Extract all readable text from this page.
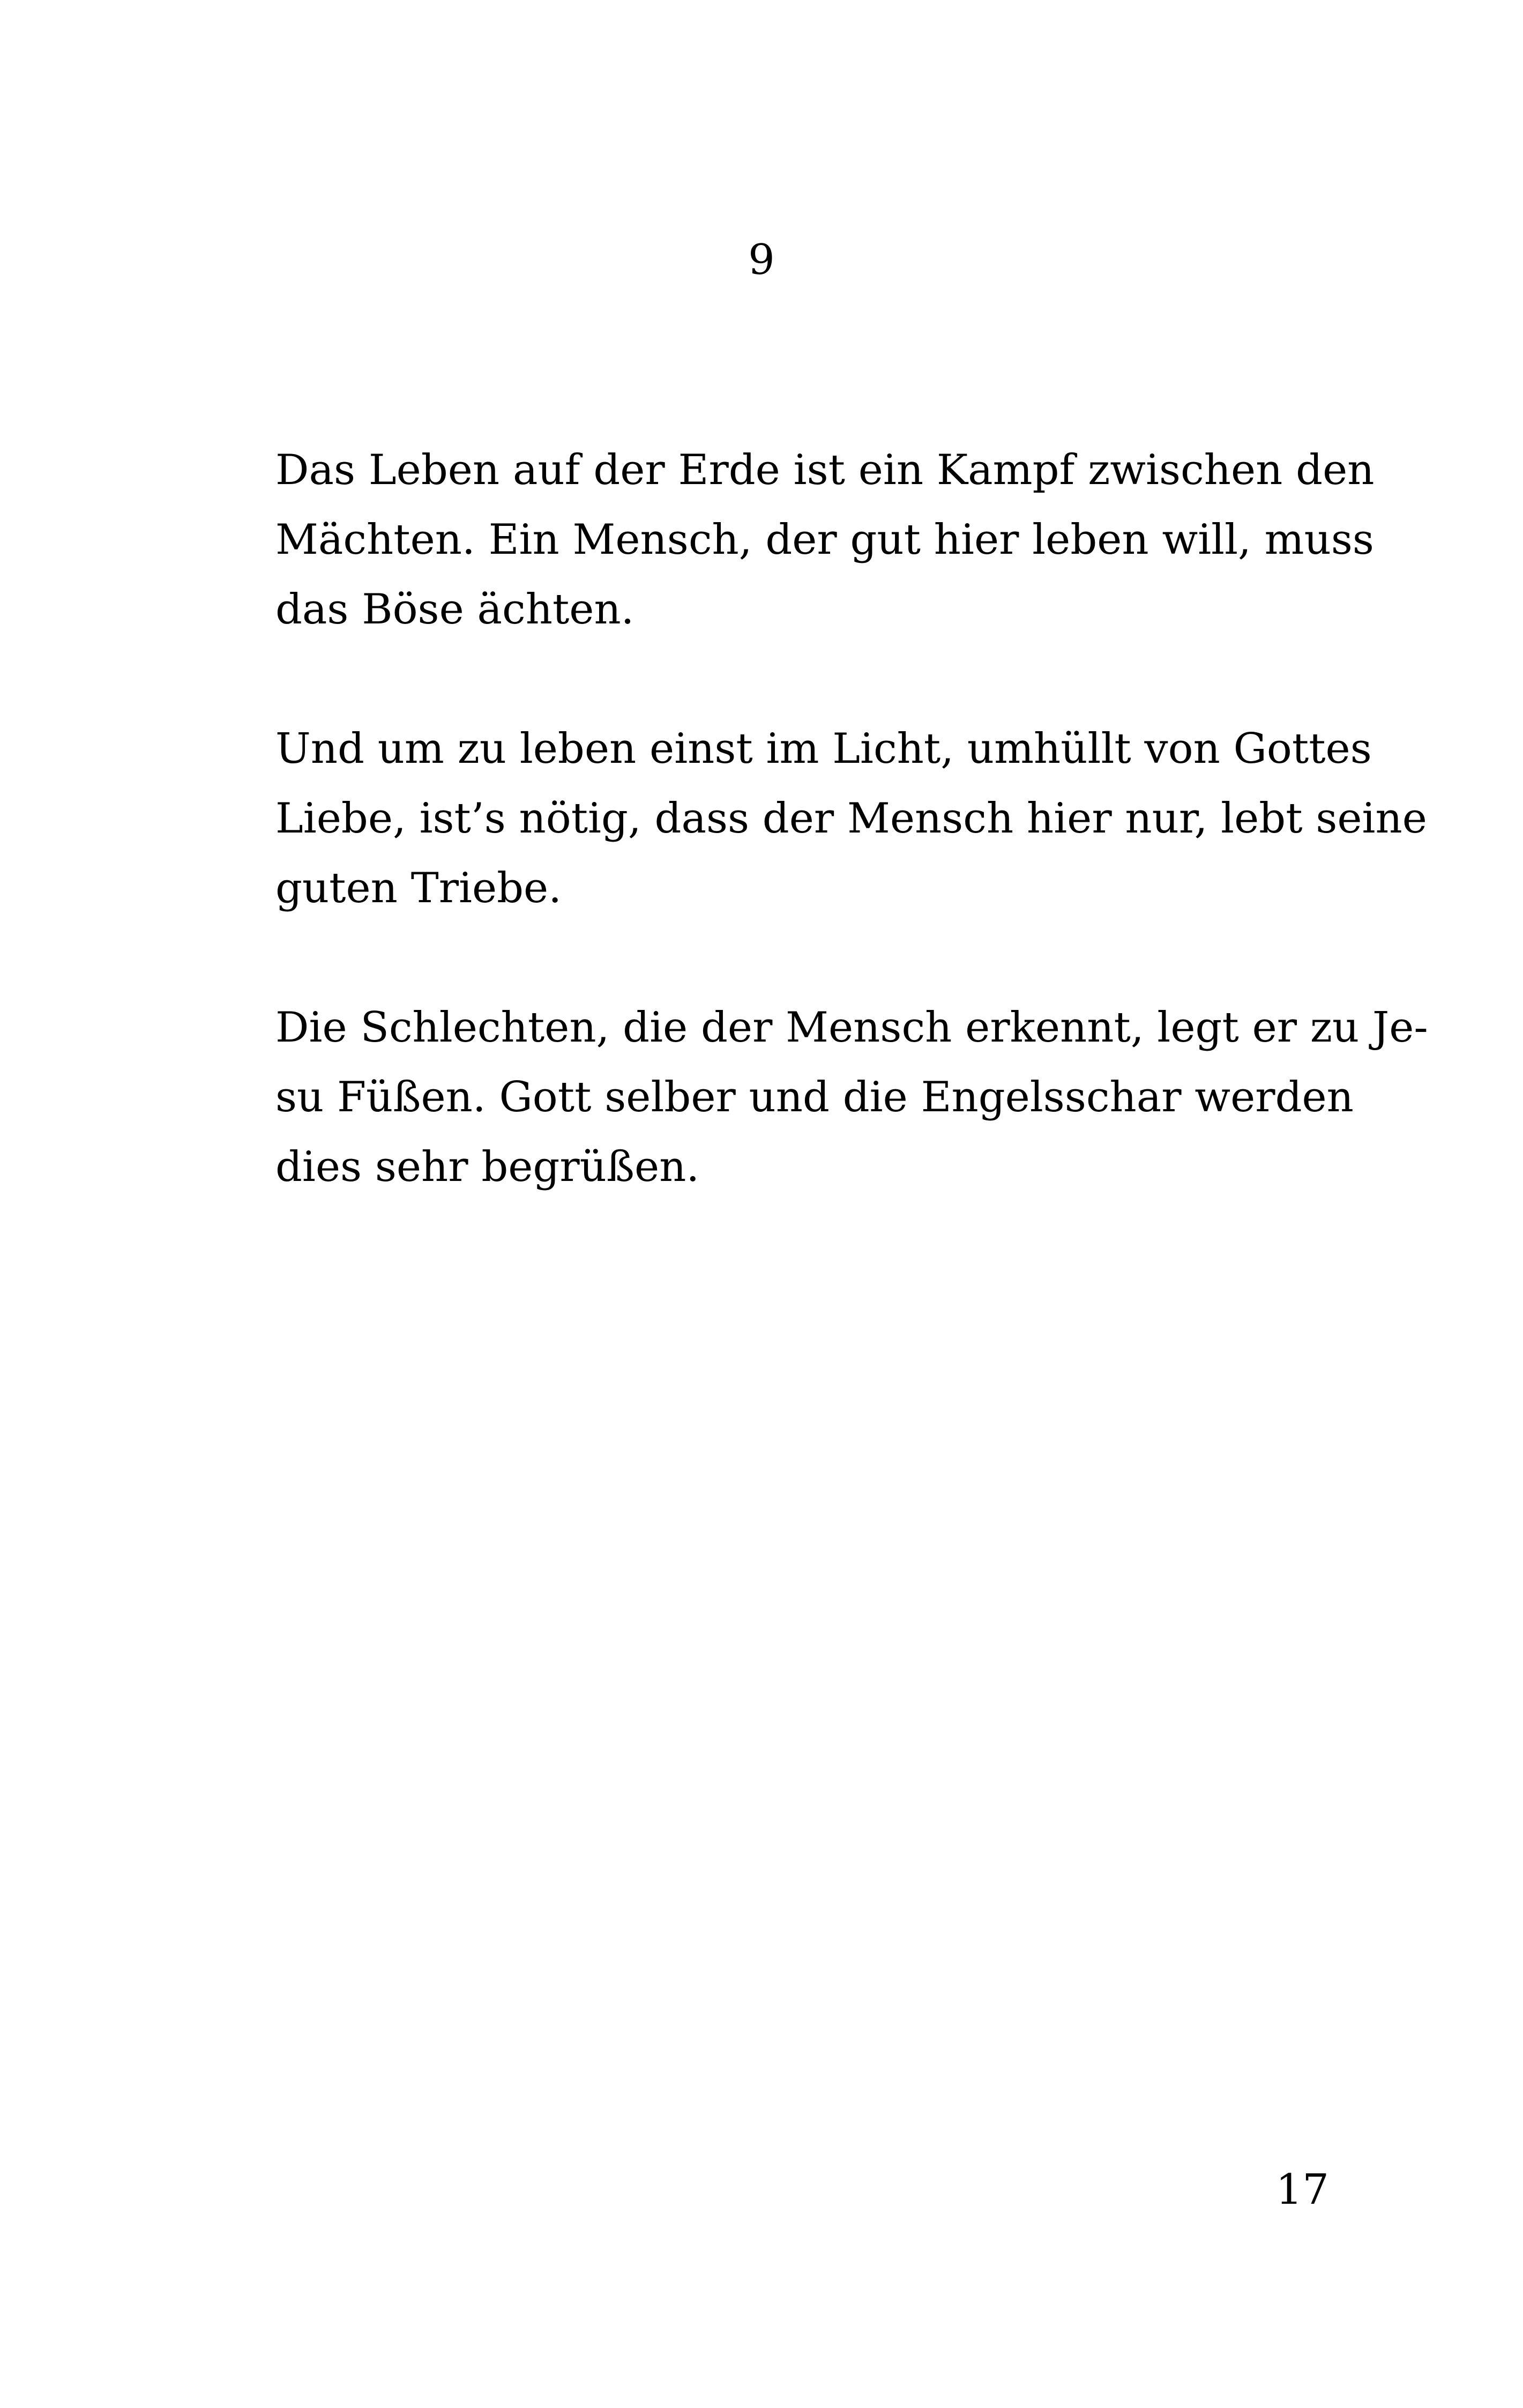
9
Das Leben auf der Erde ist ein Kampf zwischen den
Mächten. Ein Mensch, der gut hier leben will, muss
das Böse ächten.
Und um zu leben einst im Licht, umhüllt von Gottes
Liebe, ist’s nötig, dass der Mensch hier nur, lebt seine
guten Triebe.
Die Schlechten, die der Mensch erkennt, legt er zu Je-
su Füßen. Gott selber und die Engelsschar werden
dies sehr begrüßen.
17
